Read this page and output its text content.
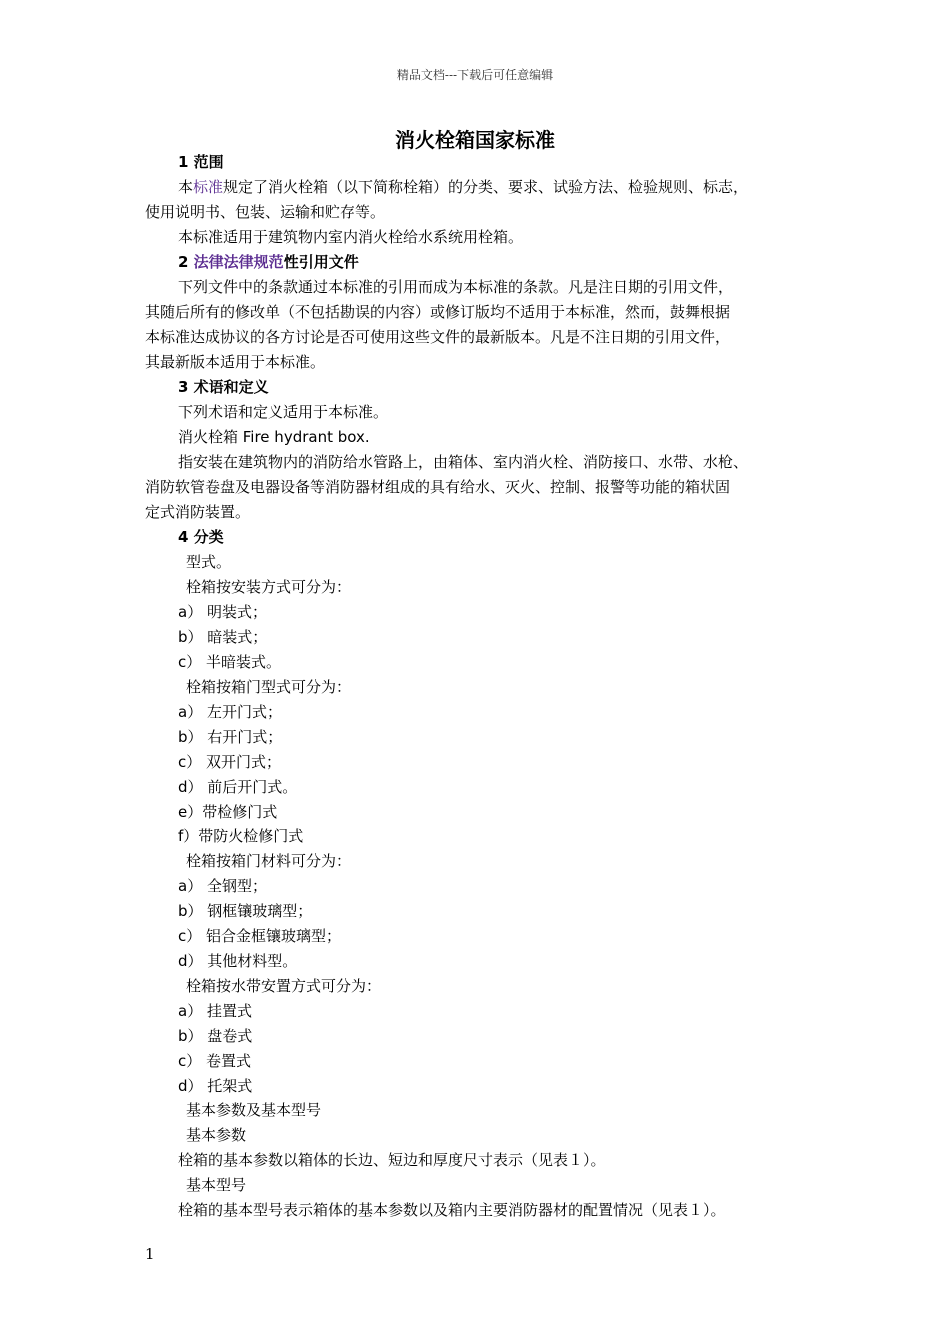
精品文档---下载后可任意编辑
消火栓箱国家标准
1 范围
本标准规定了消火栓箱（以下简称栓箱）的分类、要求、试验方法、检验规则、标志，
使用说明书、包装、运输和贮存等。
本标准适用于建筑物内室内消火栓给水系统用栓箱。
2 法律法律规范性引用文件
下列文件中的条款通过本标准的引用而成为本标准的条款。凡是注日期的引用文件，
其随后所有的修改单（不包括勘误的内容）或修订版均不适用于本标准，然而，鼓舞根据
本标准达成协议的各方讨论是否可使用这些文件的最新版本。凡是不注日期的引用文件，
其最新版本适用于本标准。
3 术语和定义
下列术语和定义适用于本标准。
消火栓箱 Fire hydrant box.
指安装在建筑物内的消防给水管路上，由箱体、室内消火栓、消防接口、水带、水枪、
消防软管卷盘及电器设备等消防器材组成的具有给水、灭火、控制、报警等功能的箱状固
定式消防装置。
4 分类
型式。
栓箱按安装方式可分为：
a） 明装式；
b） 暗装式；
c） 半暗装式。
栓箱按箱门型式可分为：
a） 左开门式；
b） 右开门式；
c） 双开门式；
d） 前后开门式。
e）带检修门式
f）带防火检修门式
栓箱按箱门材料可分为：
a） 全钢型；
b） 钢框镶玻璃型；
c） 铝合金框镶玻璃型；
d） 其他材料型。
栓箱按水带安置方式可分为：
a） 挂置式
b） 盘卷式
c） 卷置式
d） 托架式
基本参数及基本型号
基本参数
栓箱的基本参数以箱体的长边、短边和厚度尺寸表示（见表１）。
基本型号
栓箱的基本型号表示箱体的基本参数以及箱内主要消防器材的配置情况（见表１）。
1
